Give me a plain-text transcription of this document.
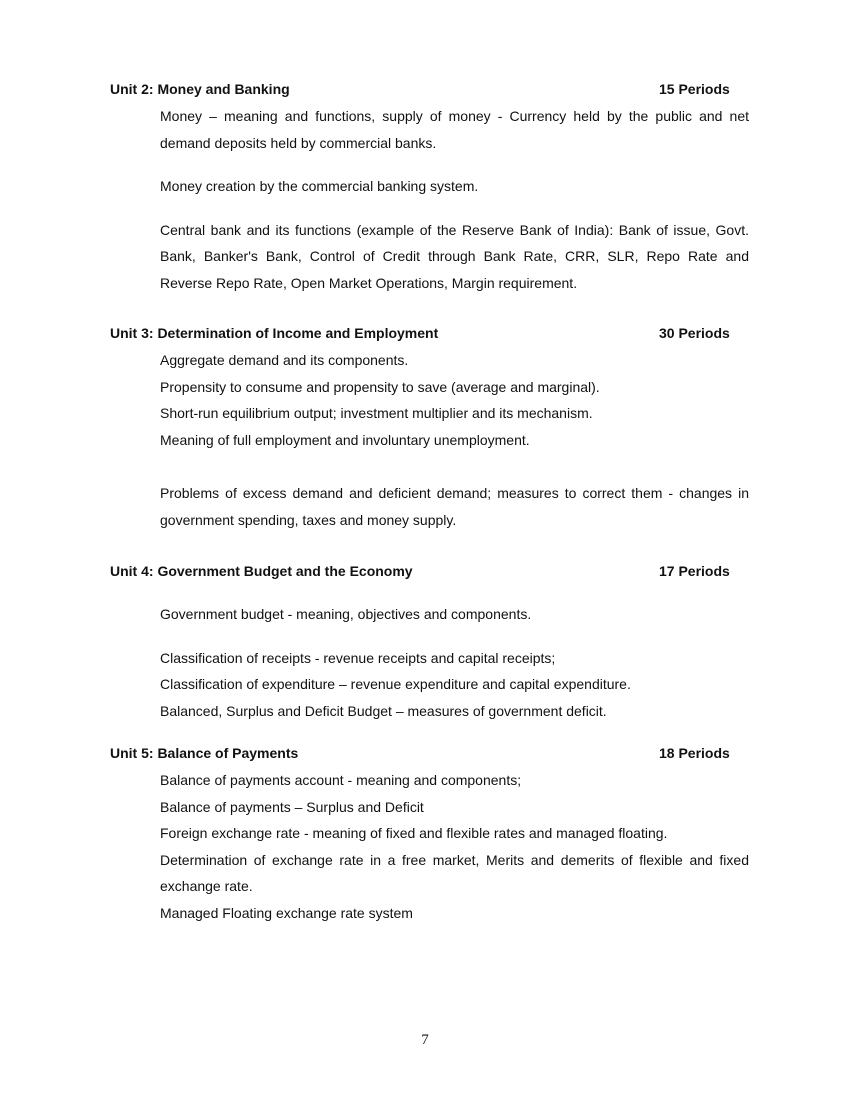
Unit 2: Money and Banking	15 Periods
Money – meaning and functions, supply of money - Currency held by the public and net demand deposits held by commercial banks.
Money creation by the commercial banking system.
Central bank and its functions (example of the Reserve Bank of India): Bank of issue, Govt. Bank, Banker's Bank, Control of Credit through Bank Rate, CRR, SLR, Repo Rate and Reverse Repo Rate, Open Market Operations, Margin requirement.
Unit 3: Determination of Income and Employment	30 Periods
Aggregate demand and its components.
Propensity to consume and propensity to save (average and marginal).
Short-run equilibrium output; investment multiplier and its mechanism.
Meaning of full employment and involuntary unemployment.
Problems of excess demand and deficient demand; measures to correct them - changes in government spending, taxes and money supply.
Unit 4: Government Budget and the Economy	17 Periods
Government budget - meaning, objectives and components.
Classification of receipts - revenue receipts and capital receipts;
Classification of expenditure – revenue expenditure and capital expenditure.
Balanced, Surplus and Deficit Budget – measures of government deficit.
Unit 5: Balance of Payments	18 Periods
Balance of payments account - meaning and components;
Balance of payments – Surplus and Deficit
Foreign exchange rate - meaning of fixed and flexible rates and managed floating.
Determination of exchange rate in a free market, Merits and demerits of flexible and fixed exchange rate.
Managed Floating exchange rate system
7
